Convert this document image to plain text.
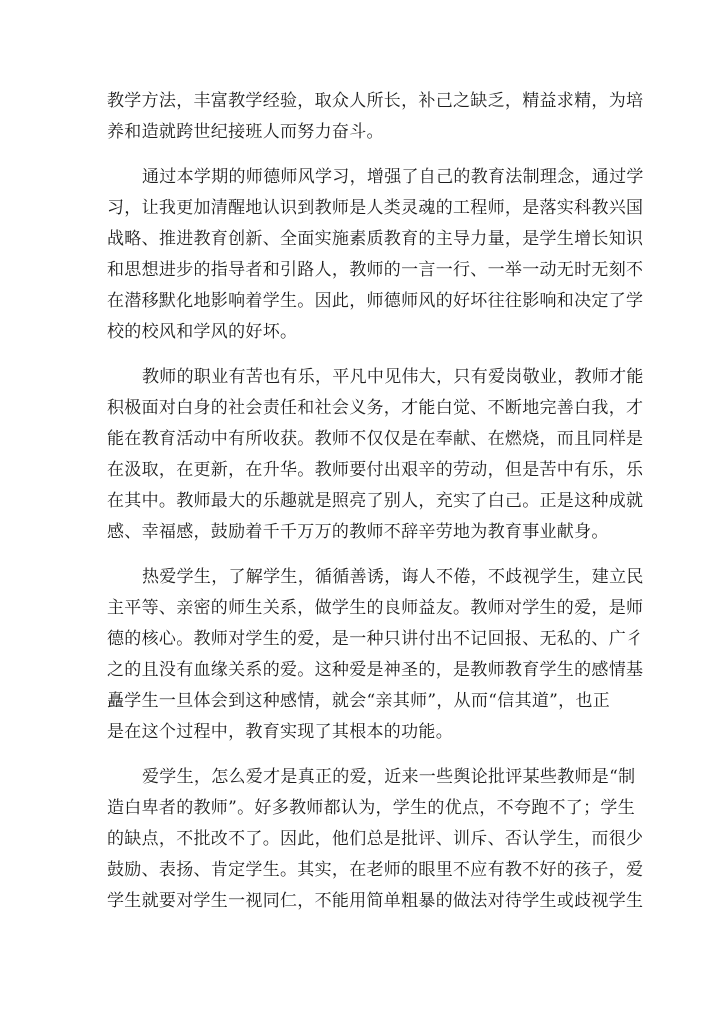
教学方法，丰富教学经验，取众人所长，补己之缺乏，精益求精，为培
养和造就跨世纪接班人而努力奋斗。
通过本学期的师德师风学习，增强了自己的教育法制理念，通过学
习，让我更加清醒地认识到教师是人类灵魂的工程师，是落实科教兴国
战略、推进教育创新、全面实施素质教育的主导力量，是学生增长知识
和思想进步的指导者和引路人，教师的一言一行、一举一动无时无刻不
在潜移默化地影响着学生。因此，师德师风的好坏往往影响和决定了学
校的校风和学风的好坏。
教师的职业有苦也有乐，平凡中见伟大，只有爱岗敬业，教师才能
积极面对白身的社会责任和社会义务，才能白觉、不断地完善白我，才
能在教育活动中有所收获。教师不仅仅是在奉献、在燃烧，而且同样是
在汲取，在更新，在升华。教师要付出艰辛的劳动，但是苦中有乐，乐
在其中。教师最大的乐趣就是照亮了别人，充实了白己。正是这种成就
感、幸福感，鼓励着千千万万的教师不辞辛劳地为教育事业献身。
热爱学生，了解学生，循循善诱，诲人不倦，不歧视学生，建立民
主平等、亲密的师生关系，做学生的良师益友。教师对学生的爱，是师
德的核心。教师对学生的爱，是一种只讲付出不记回报、无私的、广彳
之的且没有血缘关系的爱。这种爱是神圣的，是教师教育学生的感情基
矗学生一旦体会到这种感情，就会“亲其师”，从而“信其道”，也正
是在这个过程中，教育实现了其根本的功能。
爱学生，怎么爱才是真正的爱，近来一些舆论批评某些教师是“制
造白卑者的教师”。好多教师都认为，学生的优点，不夸跑不了；学生
的缺点，不批改不了。因此，他们总是批评、训斥、否认学生，而很少
鼓励、表扬、肯定学生。其实，在老师的眼里不应有教不好的孩子，爱
学生就要对学生一视同仁，不能用简单粗暴的做法对待学生或歧视学生
